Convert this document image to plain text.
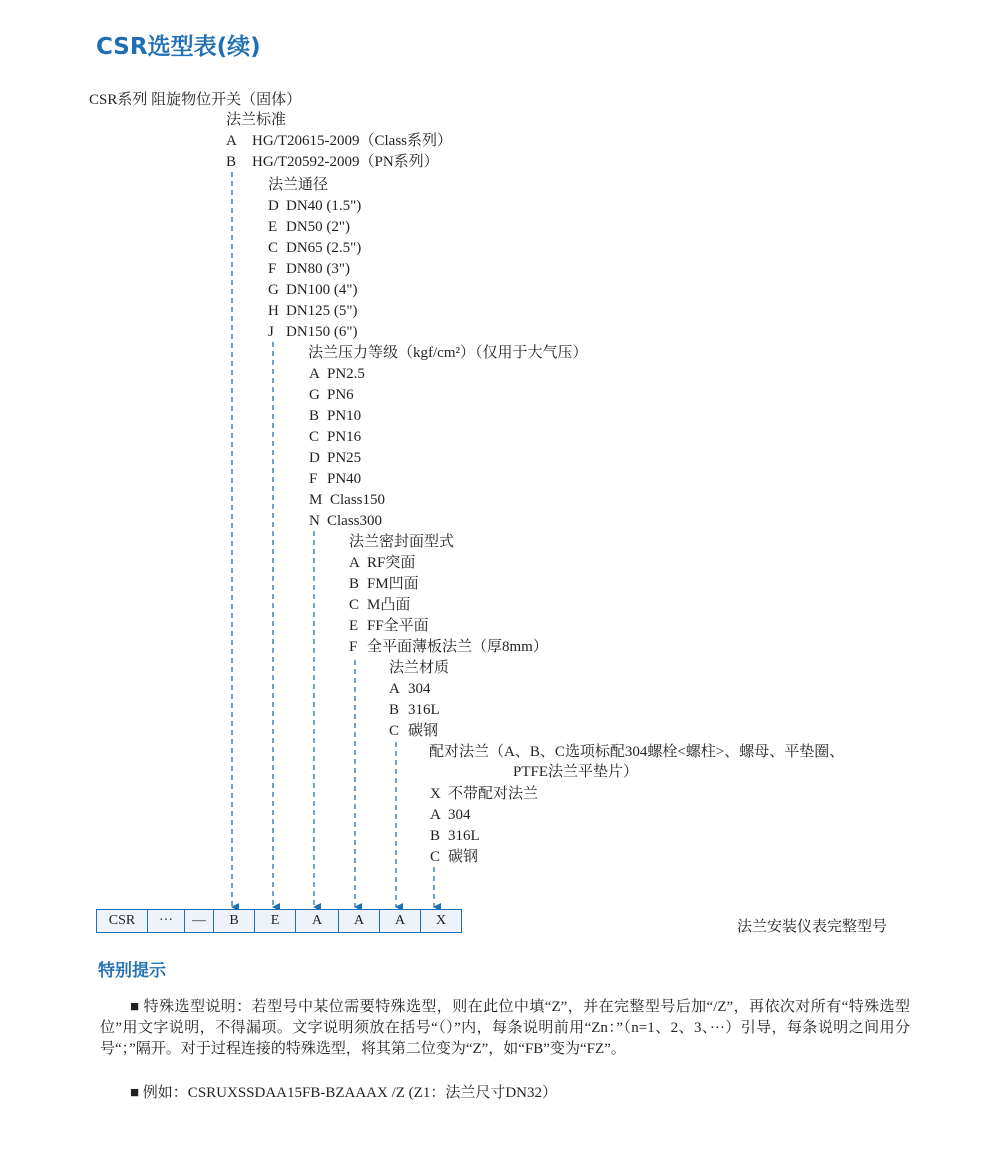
CSR选型表(续)
CSR系列 阻旋物位开关（固体）
法兰标准
A HG/T20615-2009（Class系列）
B HG/T20592-2009（PN系列）
法兰通径
D DN40 (1.5")
E DN50 (2")
C DN65 (2.5")
F DN80 (3")
G DN100 (4")
H DN125 (5")
J DN150 (6")
法兰压力等级（kgf/cm²）（仅用于大气压）
A PN2.5
G PN6
B PN10
C PN16
D PN25
F PN40
M Class150
N Class300
法兰密封面型式
A RF突面
B FM凹面
C M凸面
E FF全平面
F 全平面薄板法兰（厚8mm）
法兰材质
A 304
B 316L
C 碳钢
配对法兰（A、B、C选项标配304螺栓<螺柱>、螺母、平垫圈、
PTFE法兰平垫片）
X 不带配对法兰
A 304
B 316L
C 碳钢
CSR	···	—	B	E	A	A	A	X	法兰安装仪表完整型号
特别提示
■ 特殊选型说明：若型号中某位需要特殊选型，则在此位中填“Z”，并在完整型号后加“/Z”，再依次对所有“特殊选型位”用文字说明，不得漏项。文字说明须放在括号“（）”内，每条说明前用“Zn：”（n=1、2、3、···）引导，每条说明之间用分号“；”隔开。对于过程连接的特殊选型，将其第二位变为“Z”，如“FB”变为“FZ”。
■ 例如：CSRUXSSDAA15FB-BZAAAX /Z (Z1：法兰尺寸DN32）
